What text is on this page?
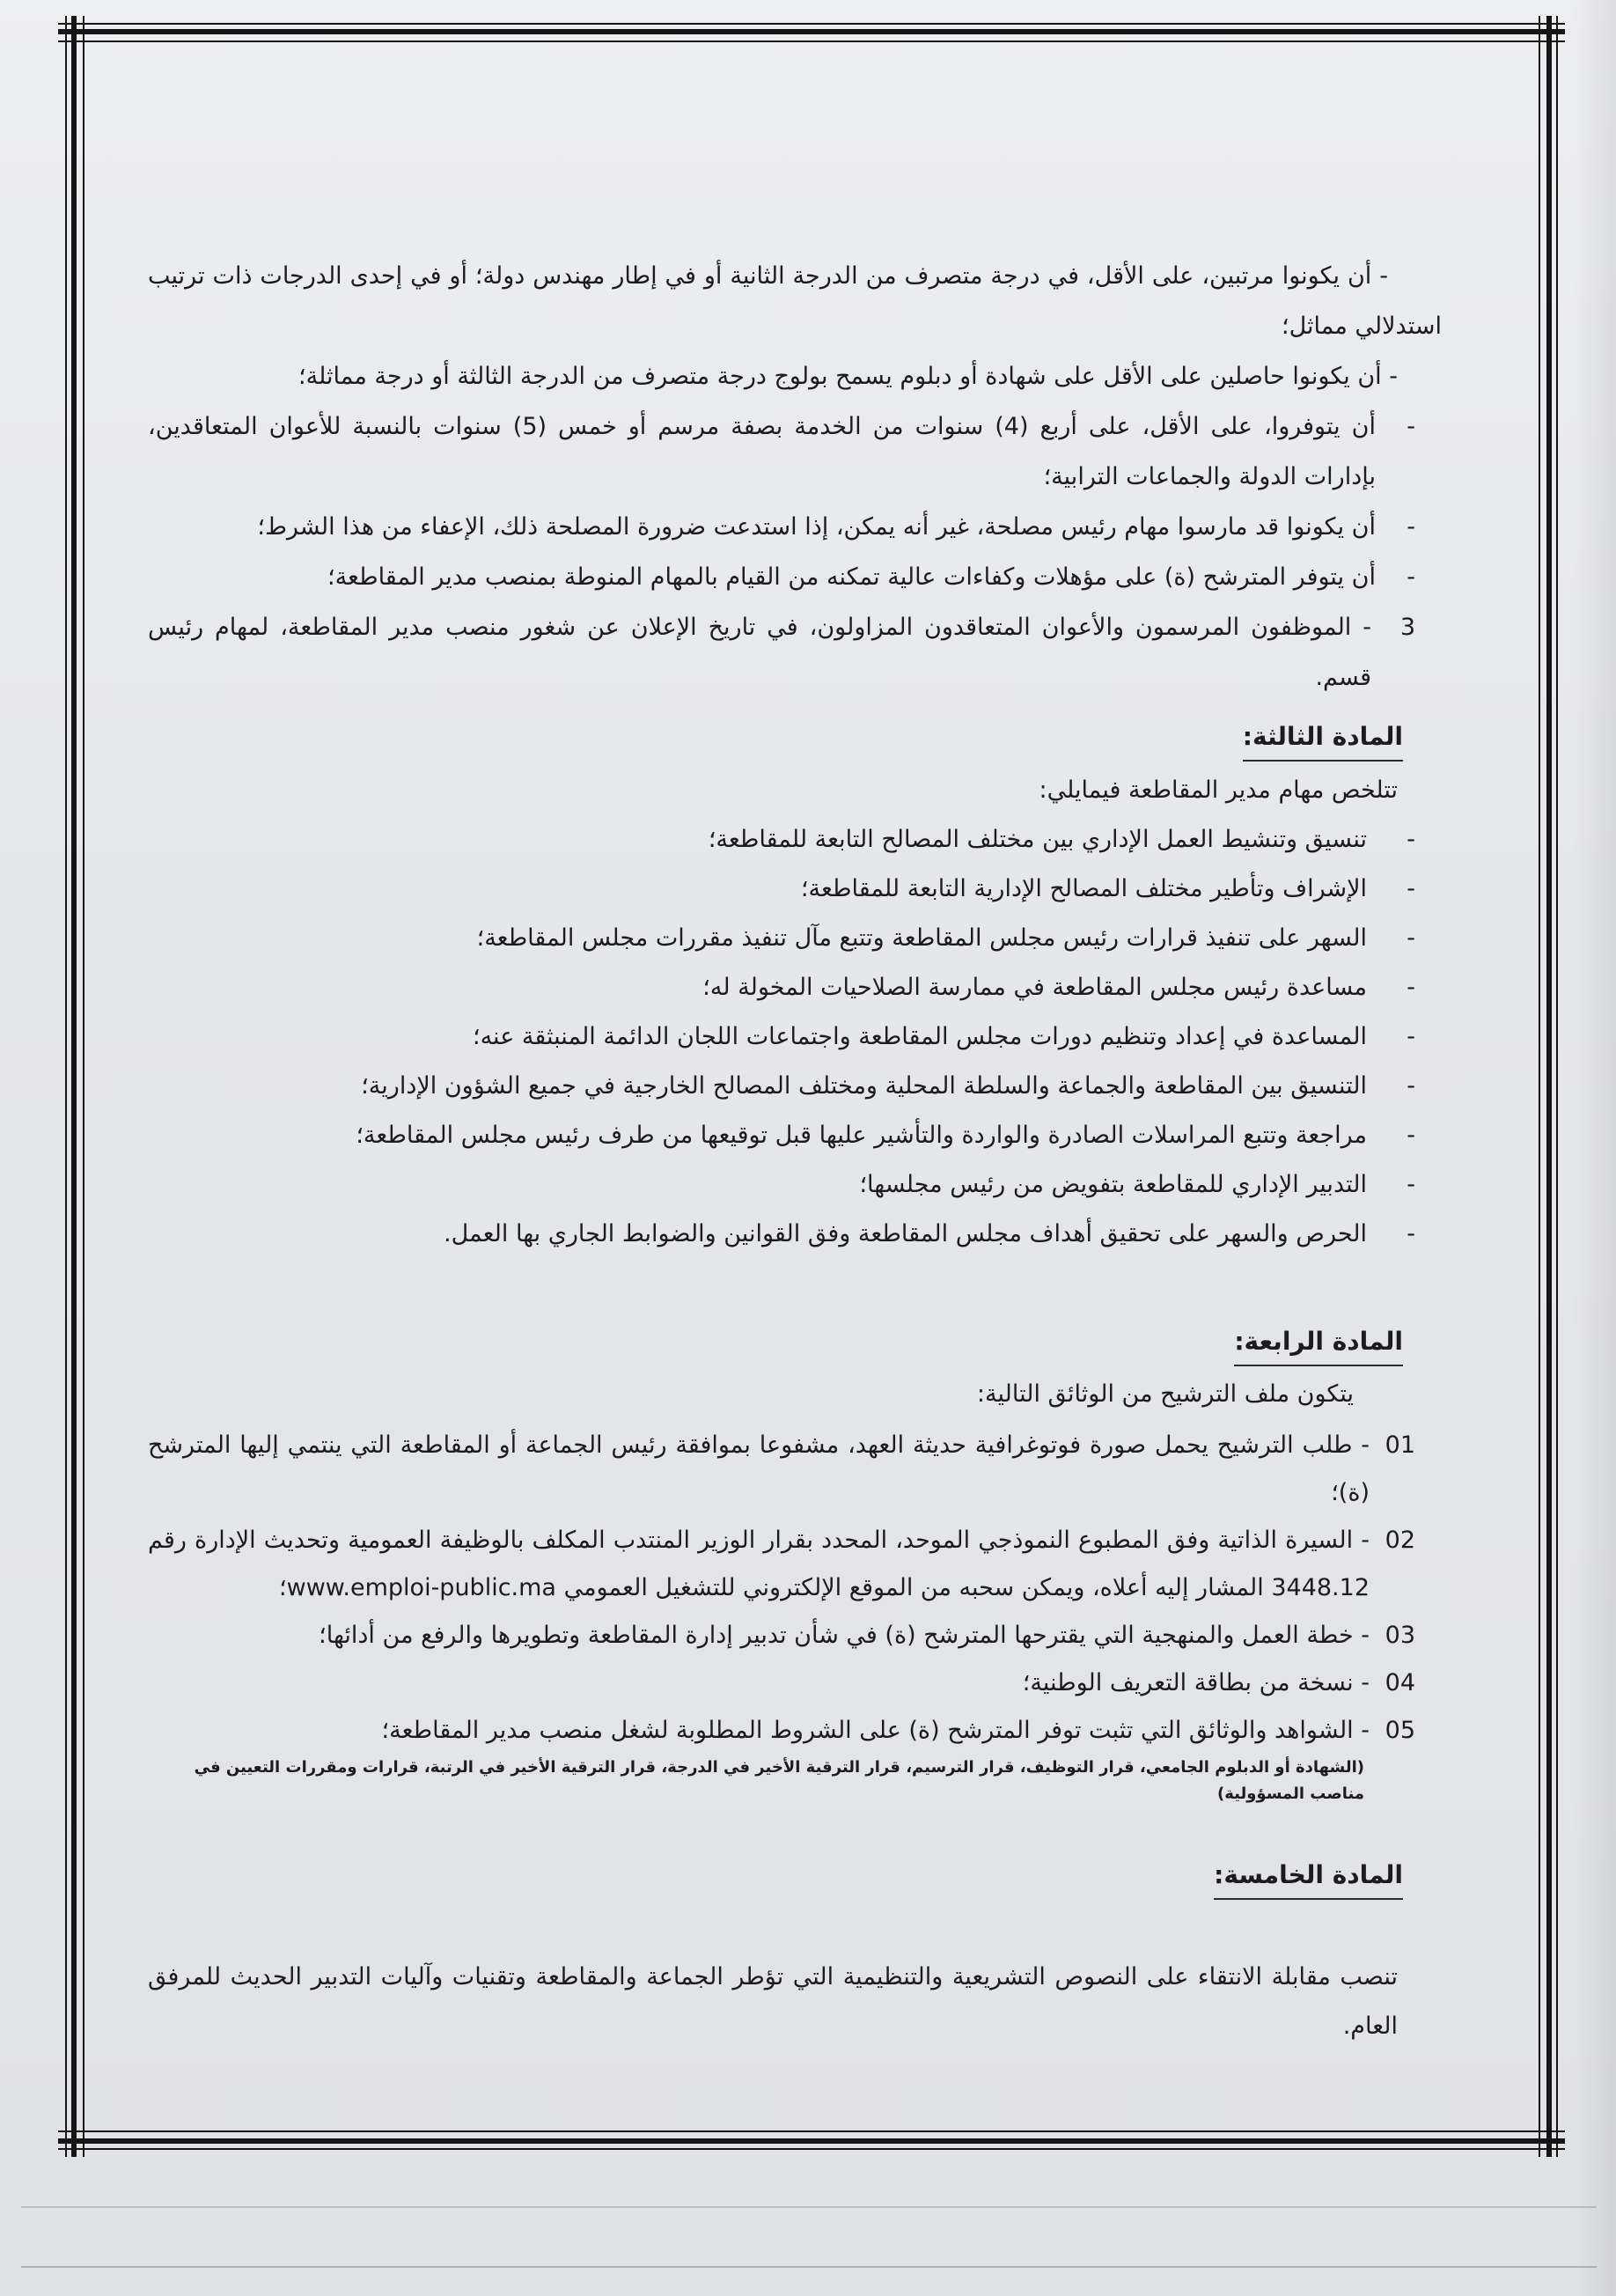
- أن يكونوا مرتبين، على الأقل، في درجة متصرف من الدرجة الثانية أو في إطار مهندس دولة؛ أو في إحدى الدرجات ذات ترتيب استدلالي مماثل؛

- أن يكونوا حاصلين على الأقل على شهادة أو دبلوم يسمح بولوج درجة متصرف من الدرجة الثالثة أو درجة مماثلة؛

-
أن يتوفروا، على الأقل، على أربع (4) سنوات من الخدمة بصفة مرسم أو خمس (5) سنوات بالنسبة للأعوان المتعاقدين، بإدارات الدولة والجماعات الترابية؛
-
أن يكونوا قد مارسوا مهام رئيس مصلحة، غير أنه يمكن، إذا استدعت ضرورة المصلحة ذلك، الإعفاء من هذا الشرط؛
-
أن يتوفر المترشح (ة) على مؤهلات وكفاءات عالية تمكنه من القيام بالمهام المنوطة بمنصب مدير المقاطعة؛
3
- الموظفون المرسمون والأعوان المتعاقدون المزاولون، في تاريخ الإعلان عن شغور منصب مدير المقاطعة، لمهام رئيس قسم.
المادة الثالثة:

تتلخص مهام مدير المقاطعة فيمايلي:

-
تنسيق وتنشيط العمل الإداري بين مختلف المصالح التابعة للمقاطعة؛
-
الإشراف وتأطير مختلف المصالح الإدارية التابعة للمقاطعة؛
-
السهر على تنفيذ قرارات رئيس مجلس المقاطعة وتتبع مآل تنفيذ مقررات مجلس المقاطعة؛
-
مساعدة رئيس مجلس المقاطعة في ممارسة الصلاحيات المخولة له؛
-
المساعدة في إعداد وتنظيم دورات مجلس المقاطعة واجتماعات اللجان الدائمة المنبثقة عنه؛
-
التنسيق بين المقاطعة والجماعة والسلطة المحلية ومختلف المصالح الخارجية في جميع الشؤون الإدارية؛
-
مراجعة وتتبع المراسلات الصادرة والواردة والتأشير عليها قبل توقيعها من طرف رئيس مجلس المقاطعة؛
-
التدبير الإداري للمقاطعة بتفويض من رئيس مجلسها؛
-
الحرص والسهر على تحقيق أهداف مجلس المقاطعة وفق القوانين والضوابط الجاري بها العمل.
المادة الرابعة:

يتكون ملف الترشيح من الوثائق التالية:

01
- طلب الترشيح يحمل صورة فوتوغرافية حديثة العهد، مشفوعا بموافقة رئيس الجماعة أو المقاطعة التي ينتمي إليها المترشح (ة)؛
02
- السيرة الذاتية وفق المطبوع النموذجي الموحد، المحدد بقرار الوزير المنتدب المكلف بالوظيفة العمومية وتحديث الإدارة رقم 3448.12 المشار إليه أعلاه، ويمكن سحبه من الموقع الإلكتروني للتشغيل العمومي www.emploi-public.ma؛
03
- خطة العمل والمنهجية التي يقترحها المترشح (ة) في شأن تدبير إدارة المقاطعة وتطويرها والرفع من أدائها؛
04
- نسخة من بطاقة التعريف الوطنية؛
05
- الشواهد والوثائق التي تثبت توفر المترشح (ة) على الشروط المطلوبة لشغل منصب مدير المقاطعة؛

(الشهادة أو الدبلوم الجامعي، قرار التوظيف، قرار الترسيم، قرار الترقية الأخير في الدرجة، قرار الترقية الأخير في الرتبة، قرارات ومقررات التعيين في مناصب المسؤولية)

المادة الخامسة:

تنصب مقابلة الانتقاء على النصوص التشريعية والتنظيمية التي تؤطر الجماعة والمقاطعة وتقنيات وآليات التدبير الحديث للمرفق العام.
